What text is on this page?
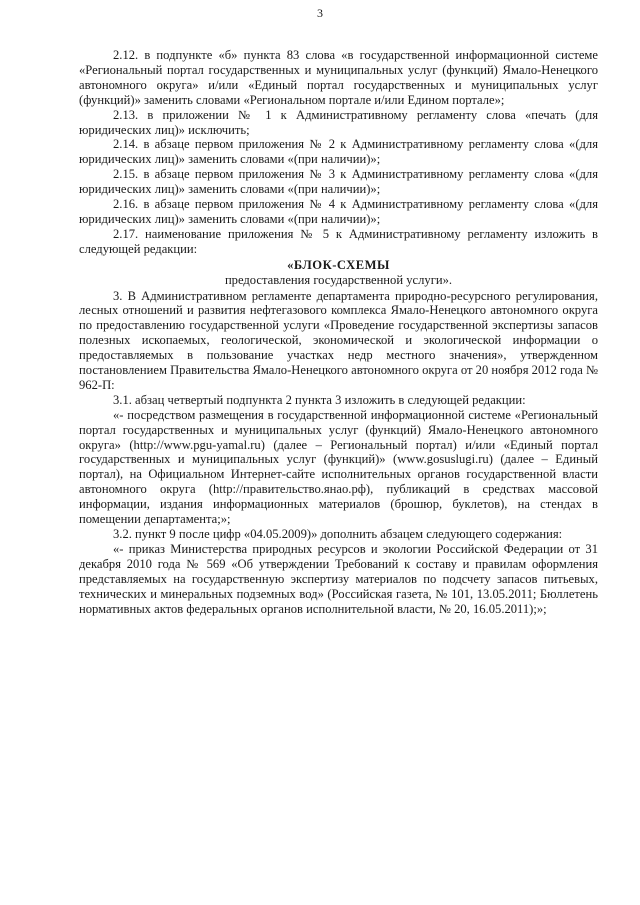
3

2.12. в подпункте «б» пункта 83 слова «в государственной информационной системе «Региональный портал государственных и муниципальных услуг (функций) Ямало-Ненецкого автономного округа» и/или «Единый портал государственных и муниципальных услуг (функций)» заменить словами «Региональном портале и/или Едином портале»;

2.13. в приложении № 1 к Административному регламенту слова «печать (для юридических лиц)» исключить;

2.14. в абзаце первом приложения № 2 к Административному регламенту слова «(для юридических лиц)» заменить словами «(при наличии)»;

2.15. в абзаце первом приложения № 3 к Административному регламенту слова «(для юридических лиц)» заменить словами «(при наличии)»;

2.16. в абзаце первом приложения № 4 к Административному регламенту слова «(для юридических лиц)» заменить словами «(при наличии)»;

2.17. наименование приложения № 5 к Административному регламенту изложить в следующей редакции:

«БЛОК-СХЕМЫ

предоставления государственной услуги».

3. В Административном регламенте департамента природно-ресурсного регулирования, лесных отношений и развития нефтегазового комплекса Ямало-Ненецкого автономного округа по предоставлению государственной услуги «Проведение государственной экспертизы запасов полезных ископаемых, геологической, экономической и экологической информации о предоставляемых в пользование участках недр местного значения», утвержденном постановлением Правительства Ямало-Ненецкого автономного округа от 20 ноября 2012 года № 962-П:

3.1. абзац четвертый подпункта 2 пункта 3 изложить в следующей редакции:

«- посредством размещения в государственной информационной системе «Региональный портал государственных и муниципальных услуг (функций) Ямало-Ненецкого автономного округа» (http://www.pgu-yamal.ru) (далее – Региональный портал) и/или «Единый портал государственных и муниципальных услуг (функций)» (www.gosuslugi.ru) (далее – Единый портал), на Официальном Интернет-сайте исполнительных органов государственной власти автономного округа (http://правительство.янао.рф), публикаций в средствах массовой информации, издания информационных материалов (брошюр, буклетов), на стендах в помещении департамента;»;

3.2. пункт 9 после цифр «04.05.2009)» дополнить абзацем следующего содержания:

«- приказ Министерства природных ресурсов и экологии Российской Федерации от 31 декабря 2010 года № 569 «Об утверждении Требований к составу и правилам оформления представляемых на государственную экспертизу материалов по подсчету запасов питьевых, технических и минеральных подземных вод» (Российская газета, № 101, 13.05.2011; Бюллетень нормативных актов федеральных органов исполнительной власти, № 20, 16.05.2011);»;
